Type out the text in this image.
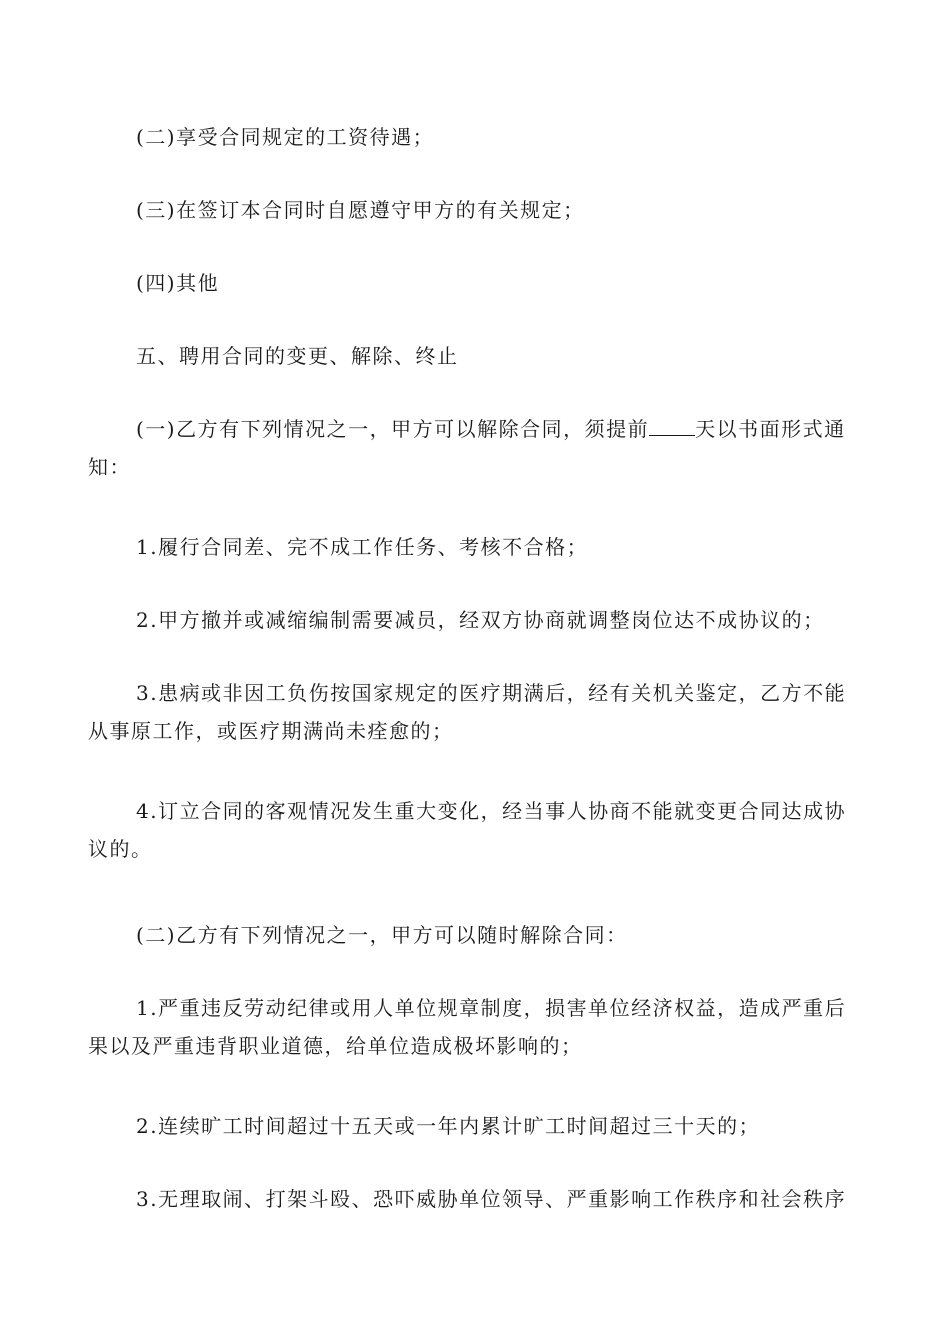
(二)享受合同规定的工资待遇；

(三)在签订本合同时自愿遵守甲方的有关规定；

(四)其他

五、聘用合同的变更、解除、终止

(一)乙方有下列情况之一，甲方可以解除合同，须提前 天以书面形式通知：

1.履行合同差、完不成工作任务、考核不合格；

2.甲方撤并或减缩编制需要减员，经双方协商就调整岗位达不成协议的；

3.患病或非因工负伤按国家规定的医疗期满后，经有关机关鉴定，乙方不能从事原工作，或医疗期满尚未痊愈的；

4.订立合同的客观情况发生重大变化，经当事人协商不能就变更合同达成协议的。

(二)乙方有下列情况之一，甲方可以随时解除合同：

1.严重违反劳动纪律或用人单位规章制度，损害单位经济权益，造成严重后果以及严重违背职业道德，给单位造成极坏影响的；

2.连续旷工时间超过十五天或一年内累计旷工时间超过三十天的；

3.无理取闹、打架斗殴、恐吓威胁单位领导、严重影响工作秩序和社会秩序
